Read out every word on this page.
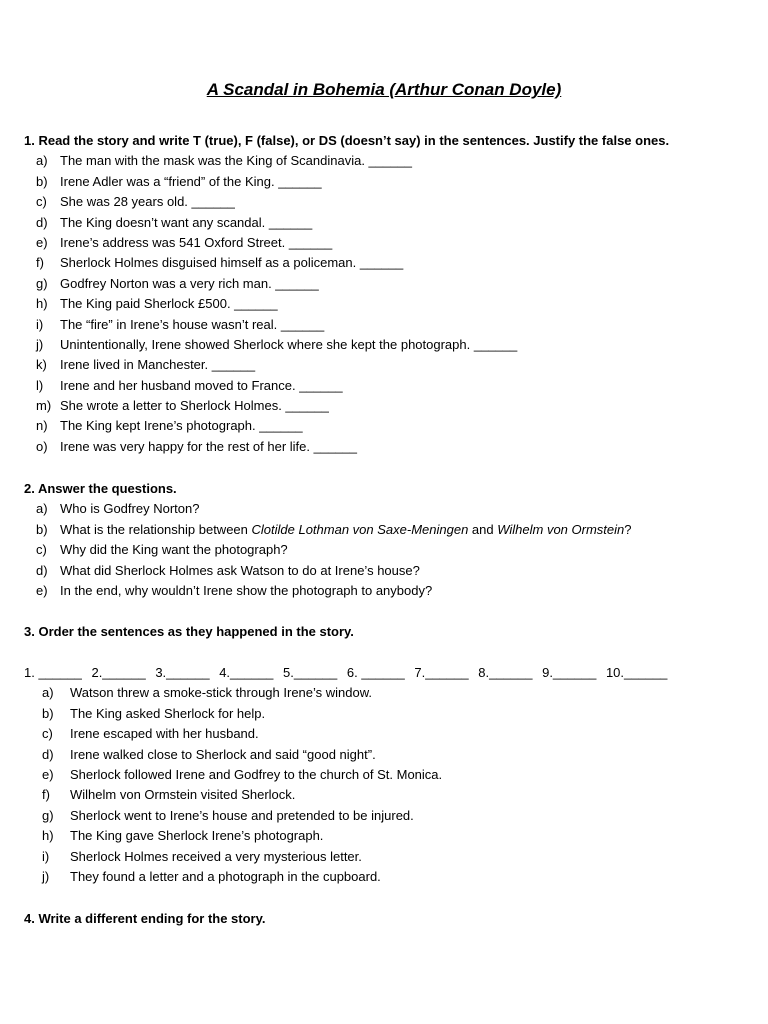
A Scandal in Bohemia (Arthur Conan Doyle)
1. Read the story and write T (true), F (false), or DS (doesn’t say) in the sentences. Justify the false ones.
a) The man with the mask was the King of Scandinavia. ______
b) Irene Adler was a “friend” of the King. ______
c) She was 28 years old. ______
d) The King doesn’t want any scandal. ______
e) Irene’s address was 541 Oxford Street. ______
f) Sherlock Holmes disguised himself as a policeman. ______
g) Godfrey Norton was a very rich man. ______
h) The King paid Sherlock £500. ______
i) The “fire” in Irene’s house wasn’t real. ______
j) Unintentionally, Irene showed Sherlock where she kept the photograph. ______
k) Irene lived in Manchester. ______
l) Irene and her husband moved to France. ______
m) She wrote a letter to Sherlock Holmes. ______
n) The King kept Irene’s photograph. ______
o) Irene was very happy for the rest of her life. ______
2. Answer the questions.
a) Who is Godfrey Norton?
b) What is the relationship between Clotilde Lothman von Saxe-Meningen and Wilhelm von Ormstein?
c) Why did the King want the photograph?
d) What did Sherlock Holmes ask Watson to do at Irene’s house?
e) In the end, why wouldn’t Irene show the photograph to anybody?
3. Order the sentences as they happened in the story.
1. ______ 2.______ 3.______ 4.______ 5.______ 6. ______ 7.______ 8.______ 9.______ 10.______
a) Watson threw a smoke-stick through Irene’s window.
b) The King asked Sherlock for help.
c) Irene escaped with her husband.
d) Irene walked close to Sherlock and said “good night”.
e) Sherlock followed Irene and Godfrey to the church of St. Monica.
f) Wilhelm von Ormstein visited Sherlock.
g) Sherlock went to Irene’s house and pretended to be injured.
h) The King gave Sherlock Irene’s photograph.
i) Sherlock Holmes received a very mysterious letter.
j) They found a letter and a photograph in the cupboard.
4. Write a different ending for the story.
